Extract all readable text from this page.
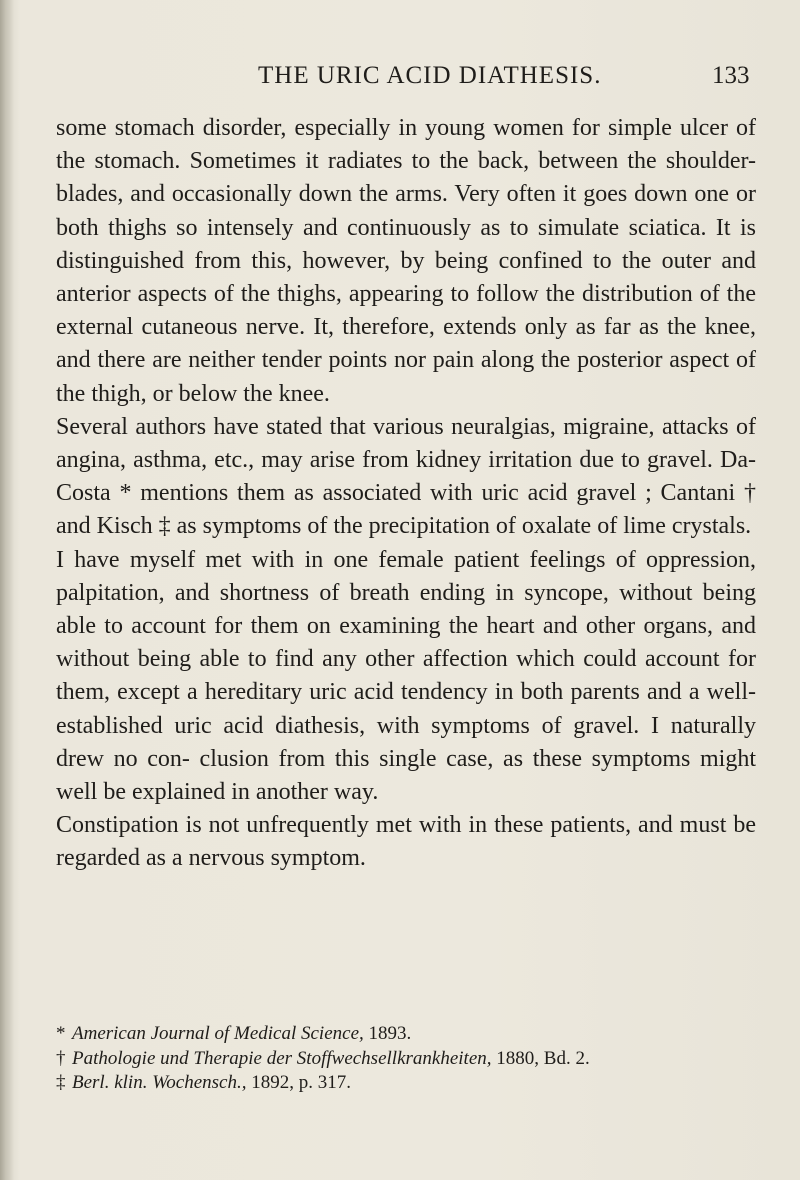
THE URIC ACID DIATHESIS.	133

some stomach disorder, especially in young women for simple ulcer of the stomach. Sometimes it radiates to the back, between the shoulder-blades, and occasionally down the arms. Very often it goes down one or both thighs so intensely and continuously as to simulate sciatica. It is distinguished from this, however, by being confined to the outer and anterior aspects of the thighs, appearing to follow the distribution of the external cutaneous nerve. It, therefore, extends only as far as the knee, and there are neither tender points nor pain along the posterior aspect of the thigh, or below the knee.

Several authors have stated that various neuralgias, migraine, attacks of angina, asthma, etc., may arise from kidney irritation due to gravel. Da-Costa * mentions them as associated with uric acid gravel ; Cantani † and Kisch ‡ as symptoms of the precipitation of oxalate of lime crystals.

I have myself met with in one female patient feelings of oppression, palpitation, and shortness of breath ending in syncope, without being able to account for them on examining the heart and other organs, and without being able to find any other affection which could account for them, except a hereditary uric acid tendency in both parents and a well-established uric acid diathesis, with symptoms of gravel. I naturally drew no con- clusion from this single case, as these symptoms might well be explained in another way.

Constipation is not unfrequently met with in these patients, and must be regarded as a nervous symptom.

* American Journal of Medical Science, 1893.
† Pathologie und Therapie der Stoffwechsellkrankheiten, 1880, Bd. 2.
‡ Berl. klin. Wochensch., 1892, p. 317.
